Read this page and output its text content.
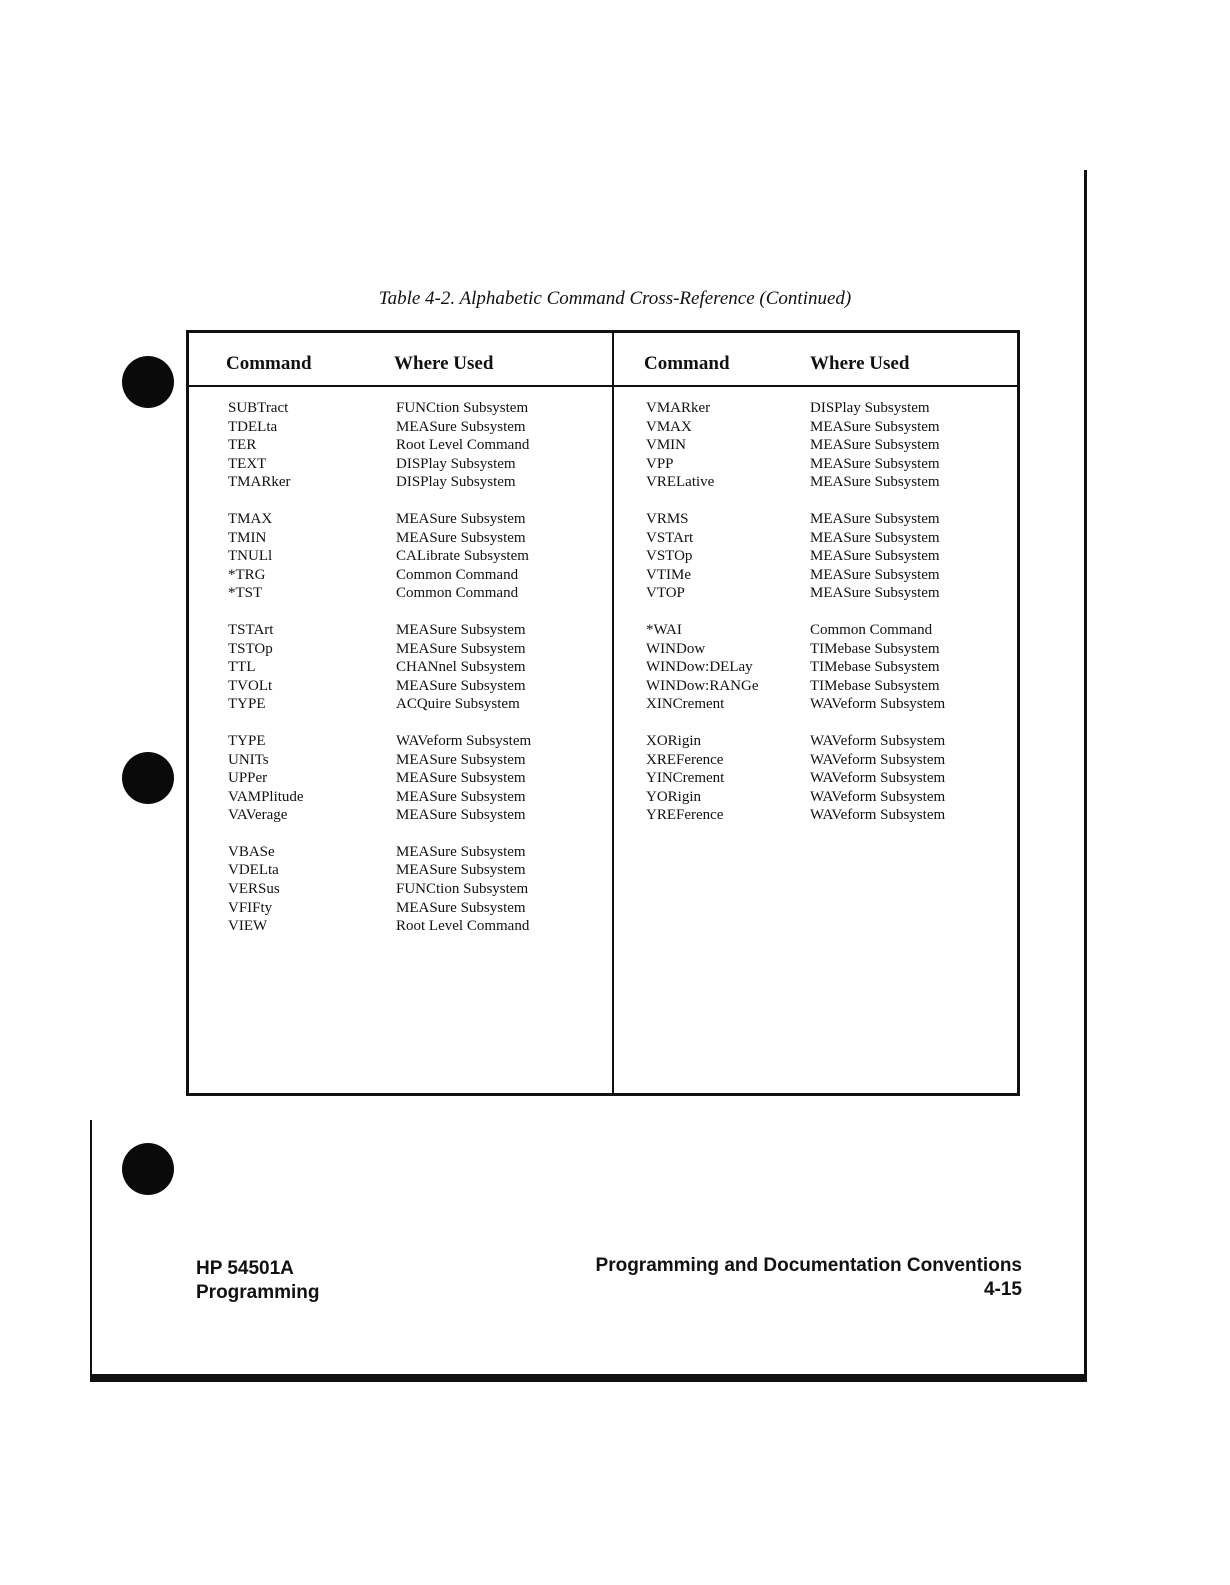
Table 4-2. Alphabetic Command Cross-Reference (Continued)
Command	Where Used	Command	Where Used
SUBTract	FUNCtion Subsystem
TDELta	MEASure Subsystem
TER	Root Level Command
TEXT	DISPlay Subsystem
TMARker	DISPlay Subsystem
TMAX	MEASure Subsystem
TMIN	MEASure Subsystem
TNULl	CALibrate Subsystem
*TRG	Common Command
*TST	Common Command
TSTArt	MEASure Subsystem
TSTOp	MEASure Subsystem
TTL	CHANnel Subsystem
TVOLt	MEASure Subsystem
TYPE	ACQuire Subsystem
TYPE	WAVeform Subsystem
UNITs	MEASure Subsystem
UPPer	MEASure Subsystem
VAMPlitude	MEASure Subsystem
VAVerage	MEASure Subsystem
VBASe	MEASure Subsystem
VDELta	MEASure Subsystem
VERSus	FUNCtion Subsystem
VFIFty	MEASure Subsystem
VIEW	Root Level Command
VMARker	DISPlay Subsystem
VMAX	MEASure Subsystem
VMIN	MEASure Subsystem
VPP	MEASure Subsystem
VRELative	MEASure Subsystem
VRMS	MEASure Subsystem
VSTArt	MEASure Subsystem
VSTOp	MEASure Subsystem
VTIMe	MEASure Subsystem
VTOP	MEASure Subsystem
*WAI	Common Command
WINDow	TIMebase Subsystem
WINDow:DELay	TIMebase Subsystem
WINDow:RANGe	TIMebase Subsystem
XINCrement	WAVeform Subsystem
XORigin	WAVeform Subsystem
XREFerence	WAVeform Subsystem
YINCrement	WAVeform Subsystem
YORigin	WAVeform Subsystem
YREFerence	WAVeform Subsystem
HP 54501A
Programming
Programming and Documentation Conventions
4-15
